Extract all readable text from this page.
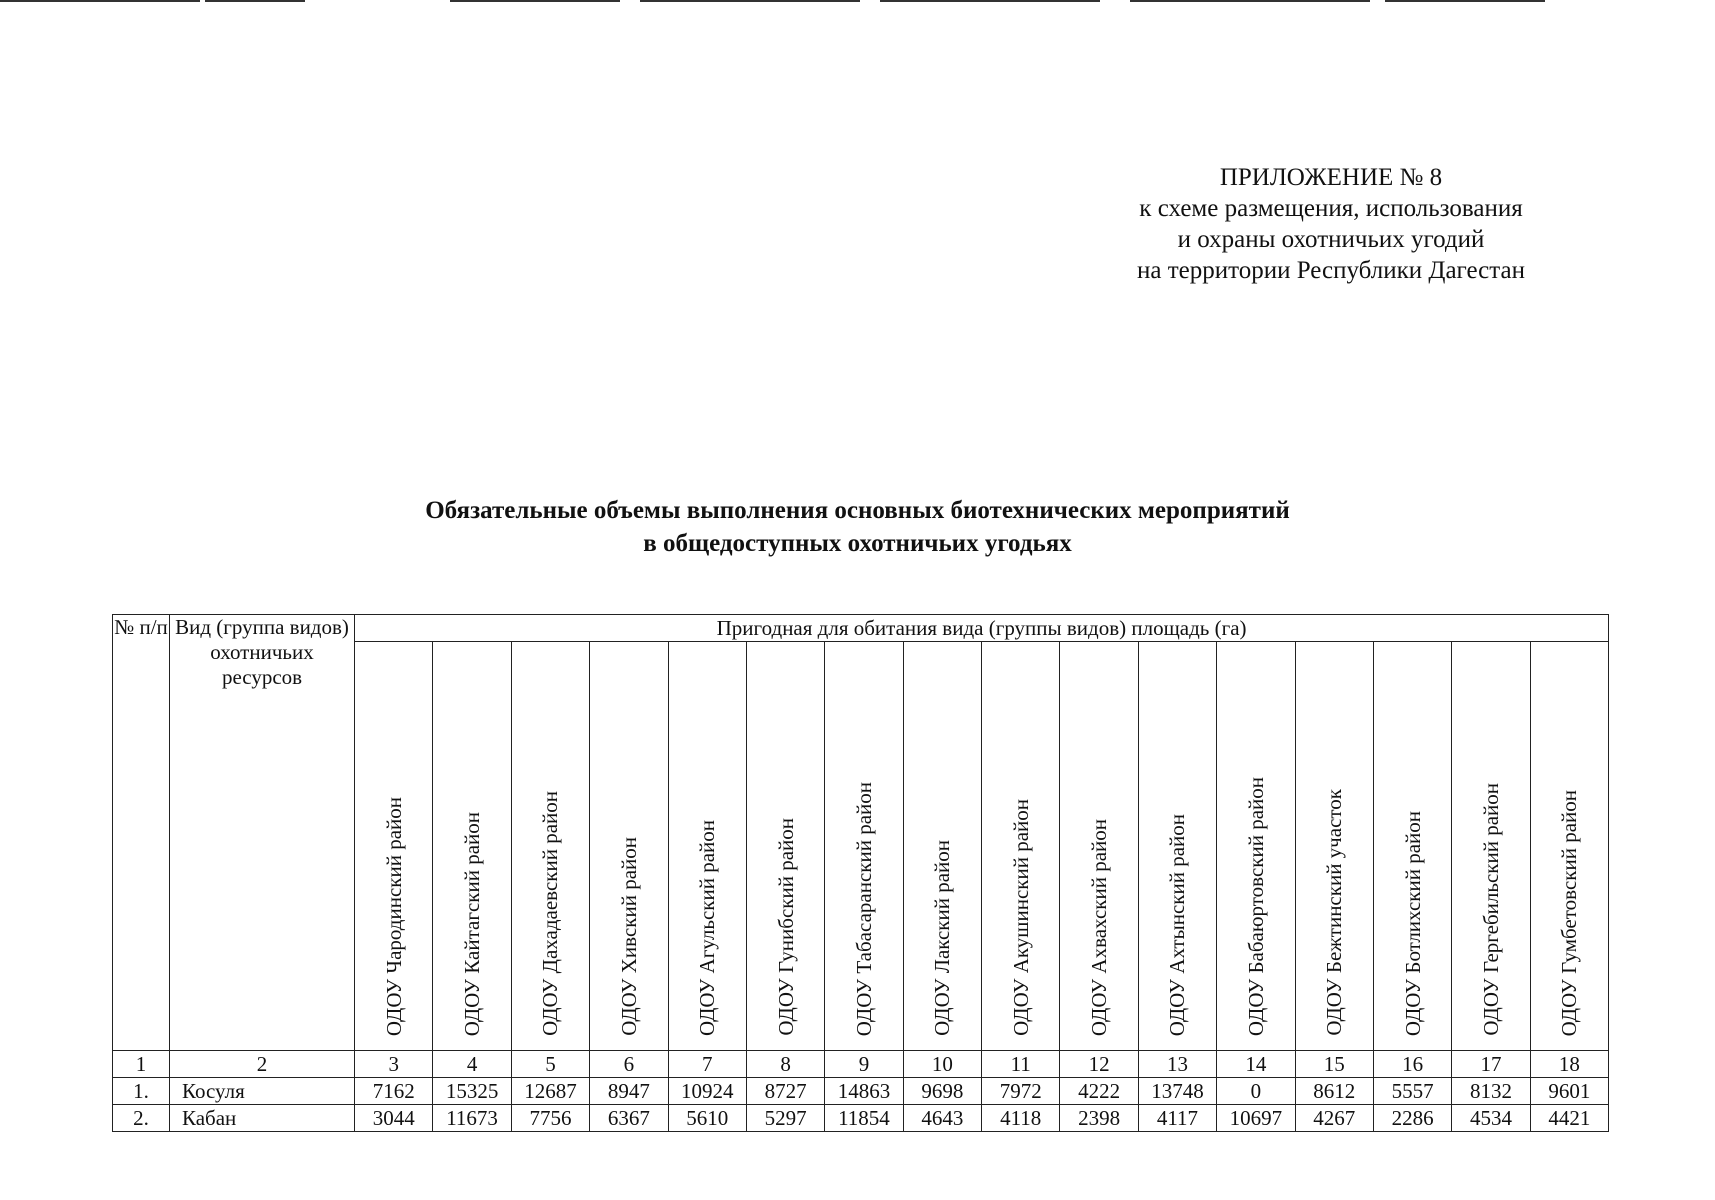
ПРИЛОЖЕНИЕ № 8
к схеме размещения, использования
и охраны охотничьих угодий
на территории Республики Дагестан
Обязательные объемы выполнения основных биотехнических мероприятий
в общедоступных охотничьих угодьях
№ п/п	Вид (группа видов) охотничьих ресурсов	Пригодная для обитания вида (группы видов) площадь (га)															
		ОДОУ Чародинский район	ОДОУ Кайтагский район	ОДОУ Дахадаевский район	ОДОУ Хивский район	ОДОУ Агульский район	ОДОУ Гунибский район	ОДОУ Табасаранский район	ОДОУ Лакский район	ОДОУ Акушинский район	ОДОУ Ахвахский район	ОДОУ Ахтынский район	ОДОУ Бабаюртовский район	ОДОУ Бежтинский участок	ОДОУ Ботлихский район	ОДОУ Гергебильский район	ОДОУ Гумбетовский район
1	2	3	4	5	6	7	8	9	10	11	12	13	14	15	16	17	18
1.	Косуля	7162	15325	12687	8947	10924	8727	14863	9698	7972	4222	13748	0	8612	5557	8132	9601
2.	Кабан	3044	11673	7756	6367	5610	5297	11854	4643	4118	2398	4117	10697	4267	2286	4534	4421
